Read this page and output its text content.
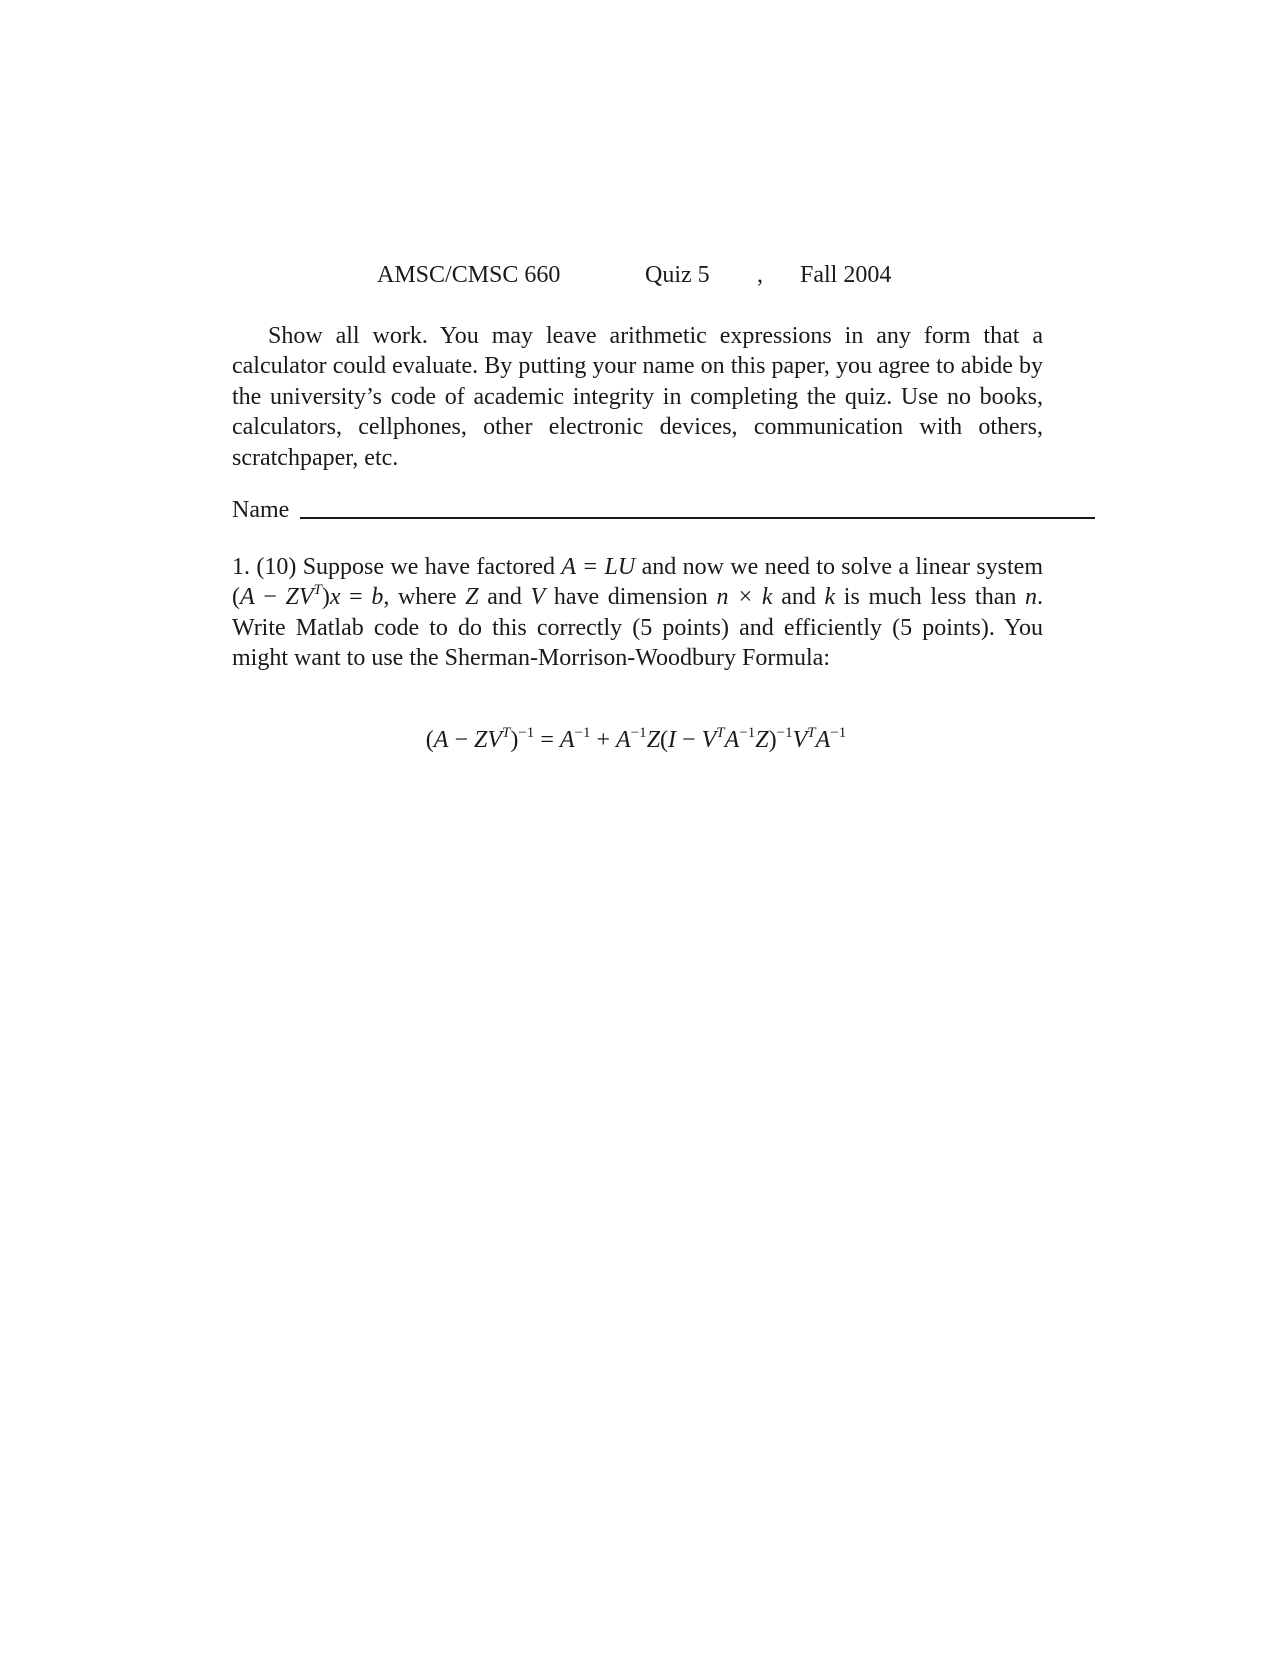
AMSC/CMSC 660	Quiz 5 , Fall 2004
Show all work. You may leave arithmetic expressions in any form that a calculator could evaluate. By putting your name on this paper, you agree to abide by the university’s code of academic integrity in completing the quiz. Use no books, calculators, cellphones, other electronic devices, communication with others, scratchpaper, etc.
Name
1. (10) Suppose we have factored A = LU and now we need to solve a linear system $(A - ZV^T)x = b$, where Z and V have dimension n × k and k is much less than n. Write Matlab code to do this correctly (5 points) and efficiently (5 points). You might want to use the Sherman-Morrison-Woodbury Formula:
$(A - ZV^T)^{-1} = A^{-1} + A^{-1}Z(I - V^TA^{-1}Z)^{-1}V^TA^{-1}$
